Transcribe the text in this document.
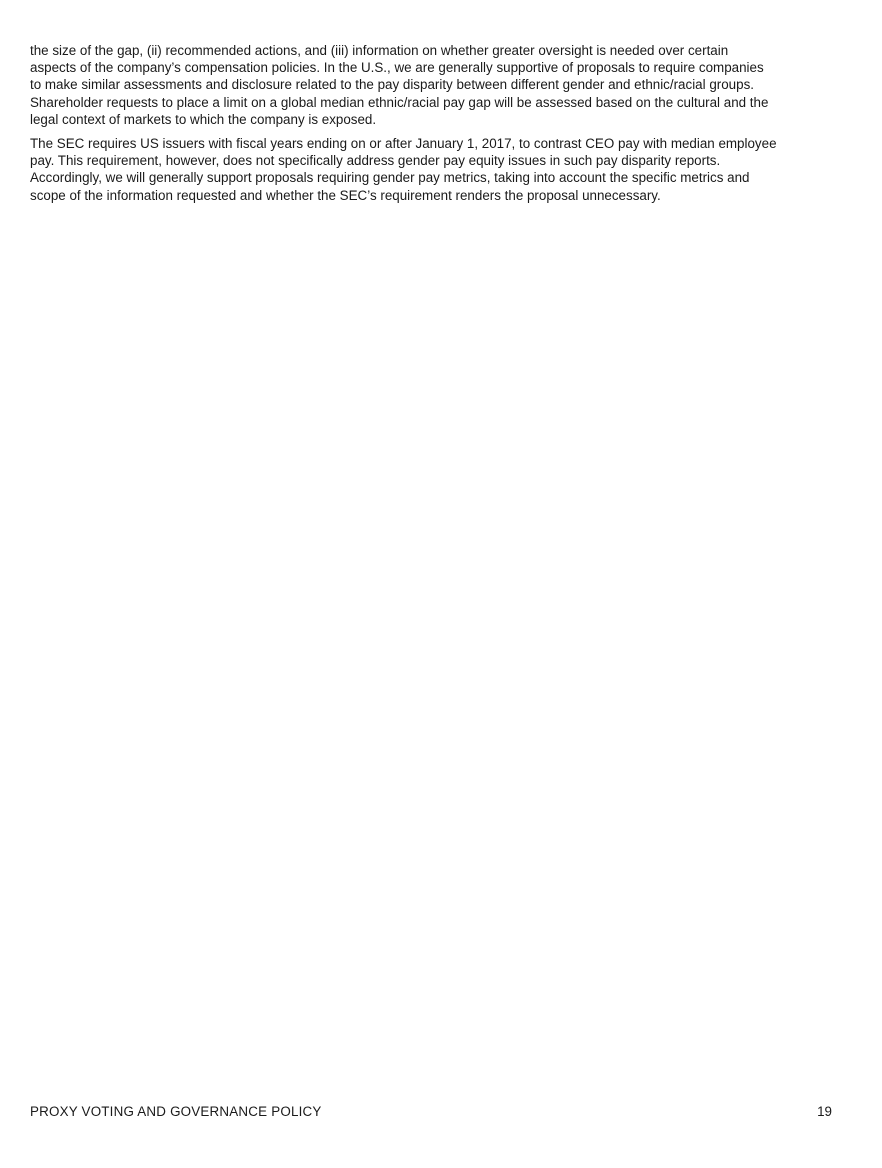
the size of the gap, (ii) recommended actions, and (iii) information on whether greater oversight is needed over certain
aspects of the company’s compensation policies. In the U.S., we are generally supportive of proposals to require companies
to make similar assessments and disclosure related to the pay disparity between different gender and ethnic/racial groups.
Shareholder requests to place a limit on a global median ethnic/racial pay gap will be assessed based on the cultural and the
legal context of markets to which the company is exposed.

The SEC requires US issuers with fiscal years ending on or after January 1, 2017, to contrast CEO pay with median employee
pay. This requirement, however, does not specifically address gender pay equity issues in such pay disparity reports.
Accordingly, we will generally support proposals requiring gender pay metrics, taking into account the specific metrics and
scope of the information requested and whether the SEC’s requirement renders the proposal unnecessary.

PROXY VOTING AND GOVERNANCE POLICY	19
